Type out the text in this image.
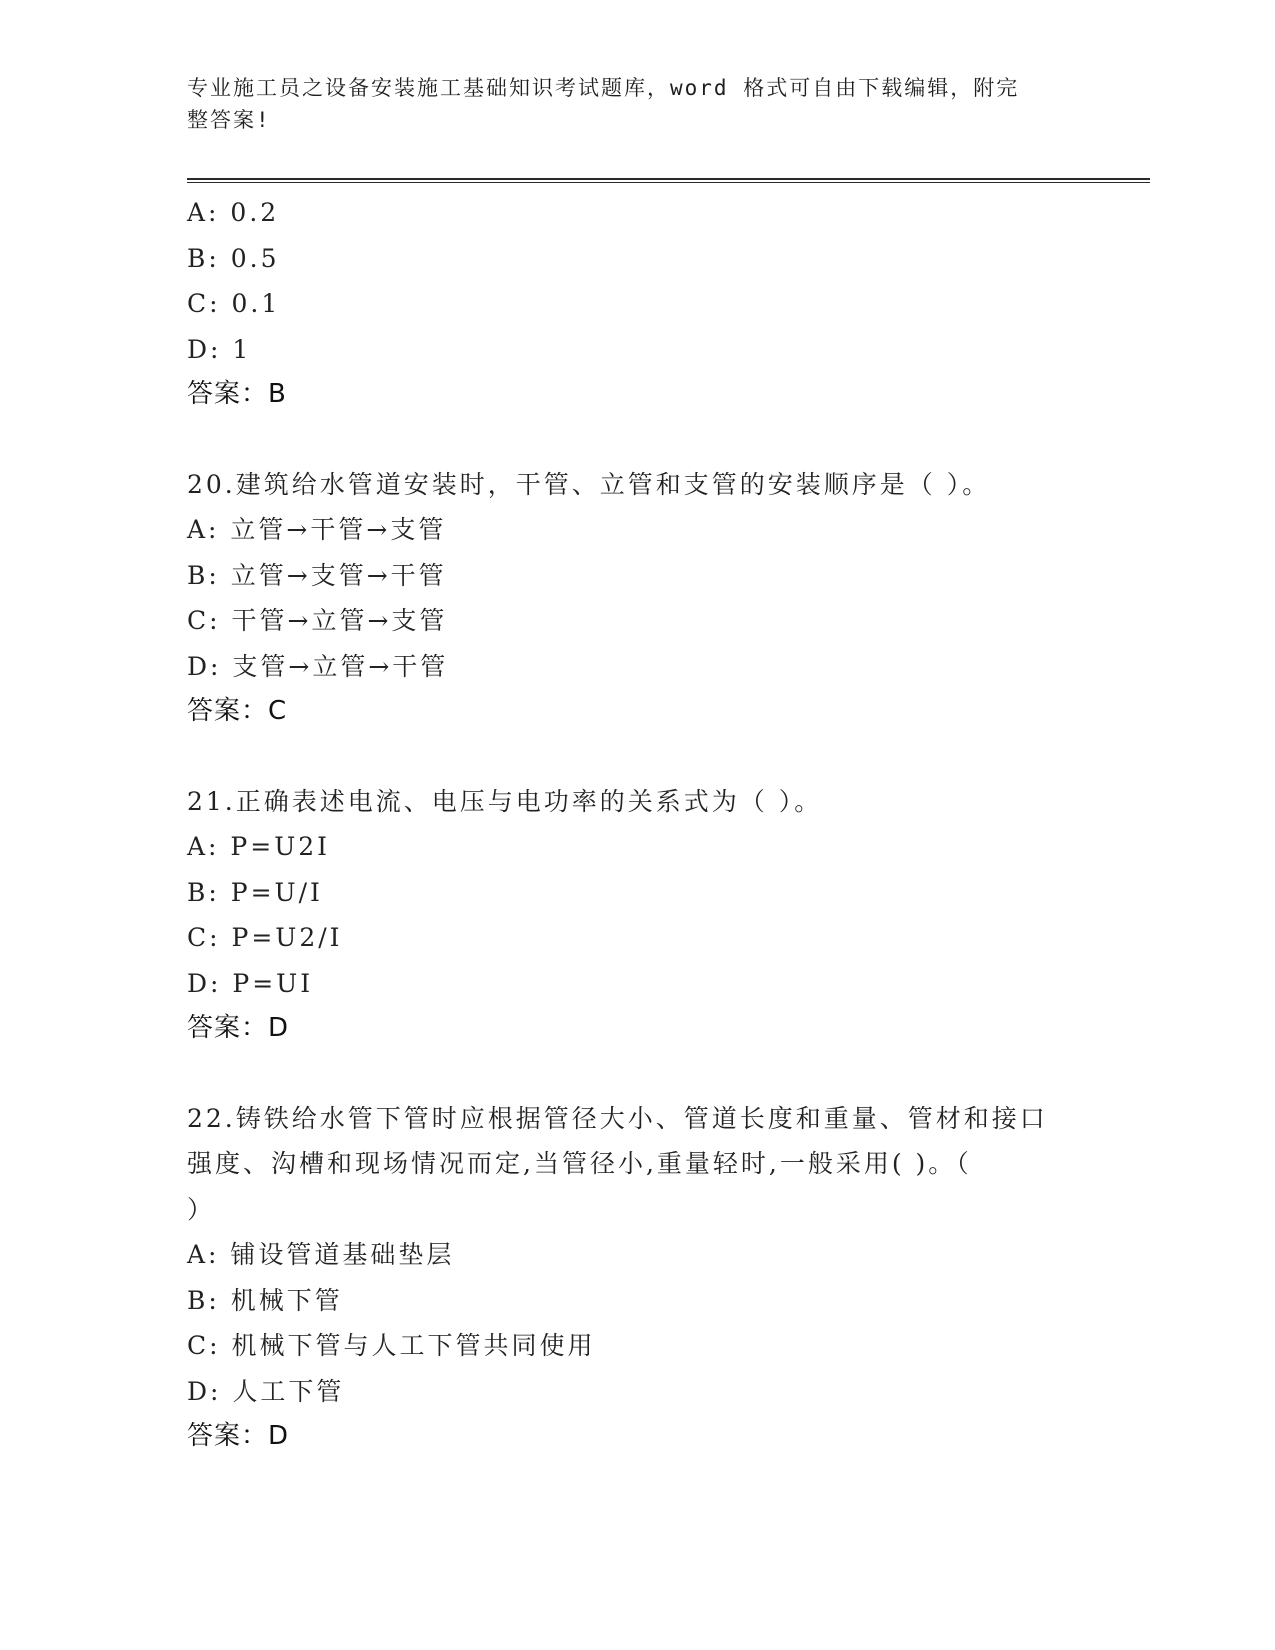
专业施工员之设备安装施工基础知识考试题库，word 格式可自由下载编辑，附完
整答案!
A: 0.2
B: 0.5
C: 0.1
D: 1
答案：B
20.建筑给水管道安装时，干管、立管和支管的安装顺序是（ ）。
A: 立管→干管→支管
B: 立管→支管→干管
C: 干管→立管→支管
D: 支管→立管→干管
答案：C
21.正确表述电流、电压与电功率的关系式为（ ）。
A: P=U2I
B: P=U/I
C: P=U2/I
D: P=UI
答案：D
22.铸铁给水管下管时应根据管径大小、管道长度和重量、管材和接口
强度、沟槽和现场情况而定,当管径小,重量轻时,一般采用( )。（
）
A: 铺设管道基础垫层
B: 机械下管
C: 机械下管与人工下管共同使用
D: 人工下管
答案：D
